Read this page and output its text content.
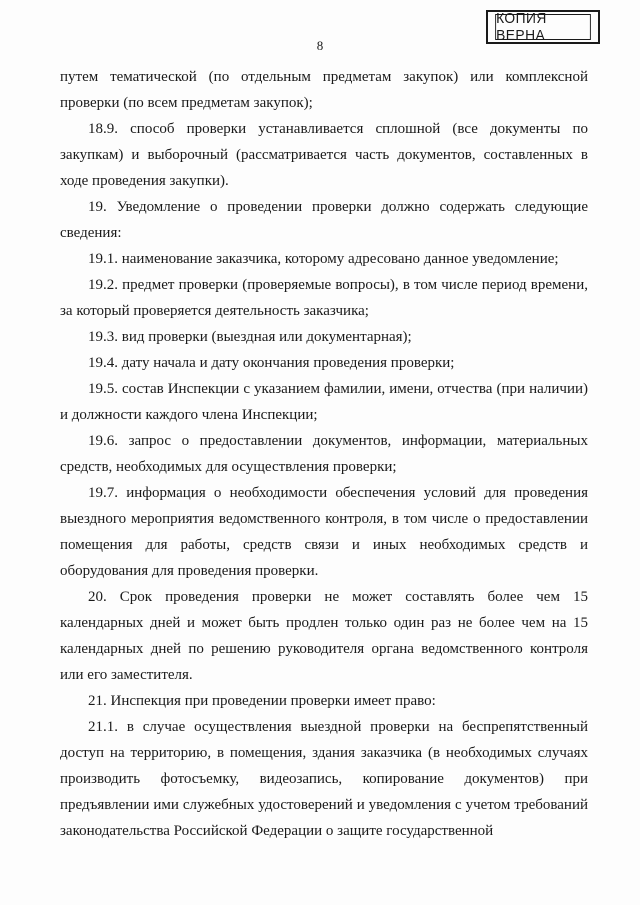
КОПИЯ ВЕРНА
8

путем тематической (по отдельным предметам закупок) или комплексной проверки (по всем предметам закупок);

18.9. способ проверки устанавливается сплошной (все документы по закупкам) и выборочный (рассматривается часть документов, составленных в ходе проведения закупки).

19. Уведомление о проведении проверки должно содержать следующие сведения:

19.1. наименование заказчика, которому адресовано данное уведомление;

19.2. предмет проверки (проверяемые вопросы), в том числе период времени, за который проверяется деятельность заказчика;

19.3. вид проверки (выездная или документарная);

19.4. дату начала и дату окончания проведения проверки;

19.5. состав Инспекции с указанием фамилии, имени, отчества (при наличии) и должности каждого члена Инспекции;

19.6. запрос о предоставлении документов, информации, материальных средств, необходимых для осуществления проверки;

19.7. информация о необходимости обеспечения условий для проведения выездного мероприятия ведомственного контроля, в том числе о предоставлении помещения для работы, средств связи и иных необходимых средств и оборудования для проведения проверки.

20. Срок проведения проверки не может составлять более чем 15 календарных дней и может быть продлен только один раз не более чем на 15 календарных дней по решению руководителя органа ведомственного контроля или его заместителя.

21. Инспекция при проведении проверки имеет право:

21.1. в случае осуществления выездной проверки на беспрепятственный доступ на территорию, в помещения, здания заказчика (в необходимых случаях производить фотосъемку, видеозапись, копирование документов) при предъявлении ими служебных удостоверений и уведомления с учетом требований законодательства Российской Федерации о защите государственной
